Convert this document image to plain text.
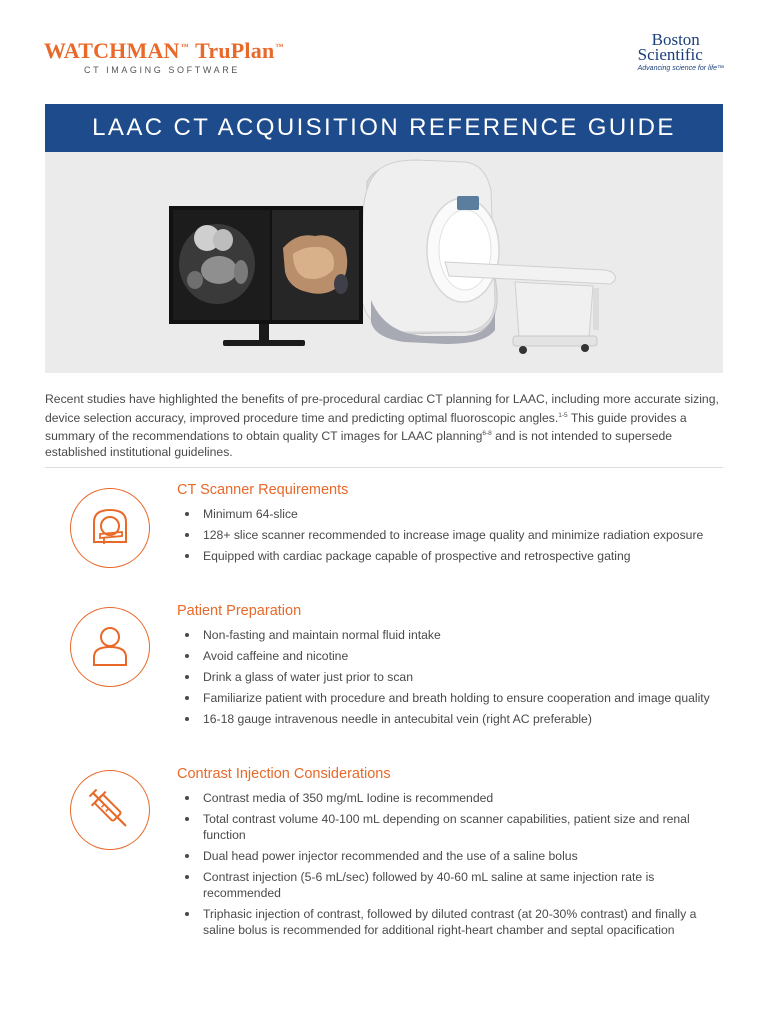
WATCHMAN™ TruPlan™
CT IMAGING SOFTWARE
Boston
Scientific
Advancing science for life™
LAAC CT ACQUISITION REFERENCE GUIDE

Recent studies have highlighted the benefits of pre-procedural cardiac CT planning for LAAC, including more accurate sizing, device selection accuracy, improved procedure time and predicting optimal fluoroscopic angles.$^{1-5}$ This guide provides a summary of the recommendations to obtain quality CT images for LAAC planning$^{6-8}$ and is not intended to supersede established institutional guidelines.

CT Scanner Requirements
Minimum 64-slice
128+ slice scanner recommended to increase image quality and minimize radiation exposure
Equipped with cardiac package capable of prospective and retrospective gating
Patient Preparation
Non-fasting and maintain normal fluid intake
Avoid caffeine and nicotine
Drink a glass of water just prior to scan
Familiarize patient with procedure and breath holding to ensure cooperation and image quality
16-18 gauge intravenous needle in antecubital vein (right AC preferable)
Contrast Injection Considerations
Contrast media of 350 mg/mL Iodine is recommended
Total contrast volume 40-100 mL depending on scanner capabilities, patient size and renal function
Dual head power injector recommended and the use of a saline bolus
Contrast injection (5-6 mL/sec) followed by 40-60 mL saline at same injection rate is recommended
Triphasic injection of contrast, followed by diluted contrast (at 20-30% contrast) and finally a saline bolus is recommended for additional right-heart chamber and septal opacification
